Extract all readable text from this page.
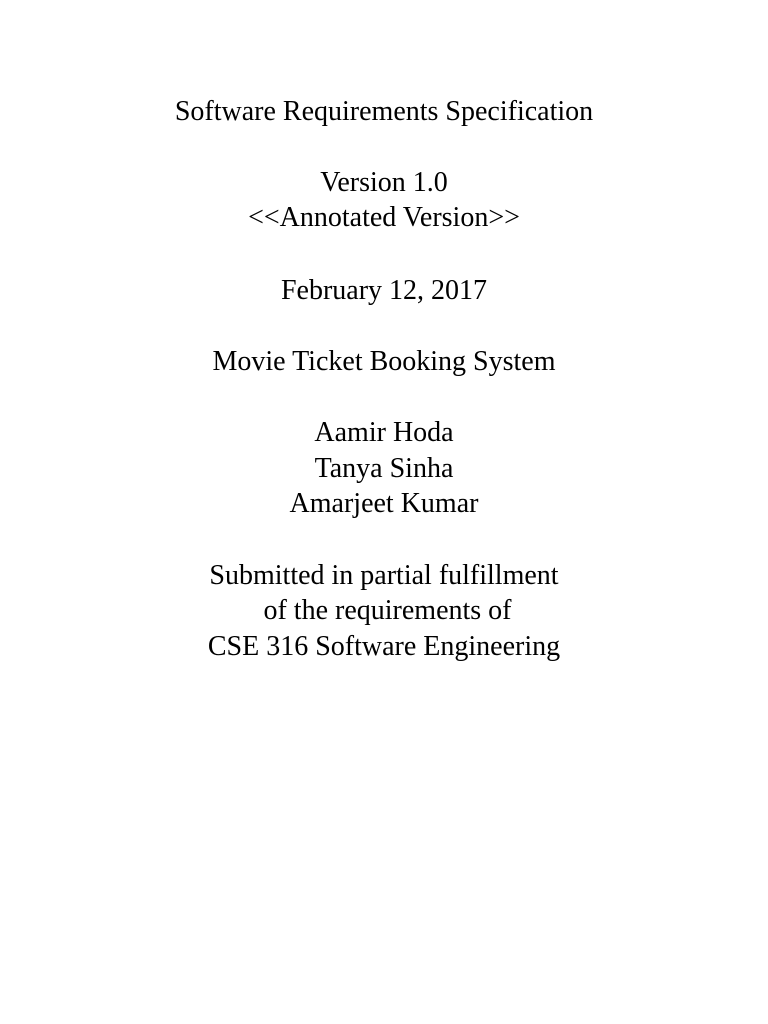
Software Requirements Specification
Version 1.0
<<Annotated Version>>
February 12, 2017
Movie Ticket Booking System
Aamir Hoda
Tanya Sinha
Amarjeet Kumar
Submitted in partial fulfillment
of the requirements of
CSE 316 Software Engineering
